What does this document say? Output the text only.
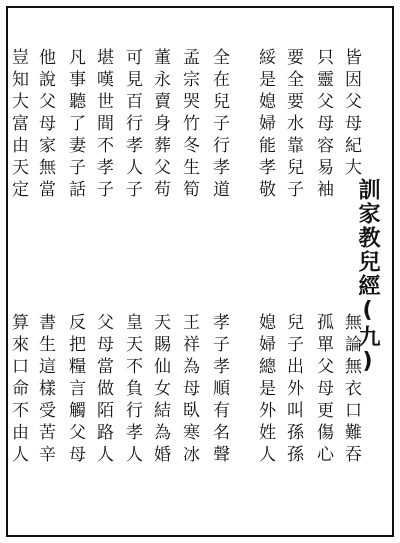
訓家教兒經(九)
皆因父母紀大
只靈父母容易袖
要全要水靠兒子
綏是媳婦能孝敬
全在兒子行孝道
孟宗哭竹冬生筍
董永賣身葬父苟
可見百行孝人子
堪嘆世間不孝子
凡事聽了妻子話
他說父母家無當
豈知大富由天定
無論無衣口難吞
孤單父母更傷心
兒子出外叫孫孫
媳婦總是外姓人
孝子孝順有名聲
王祥為母臥寒冰
天賜仙女結為婚
皇天不負行孝人
父母當做陌路人
反把糧言觸父母
書生這樣受苦辛
算來口命不由人
